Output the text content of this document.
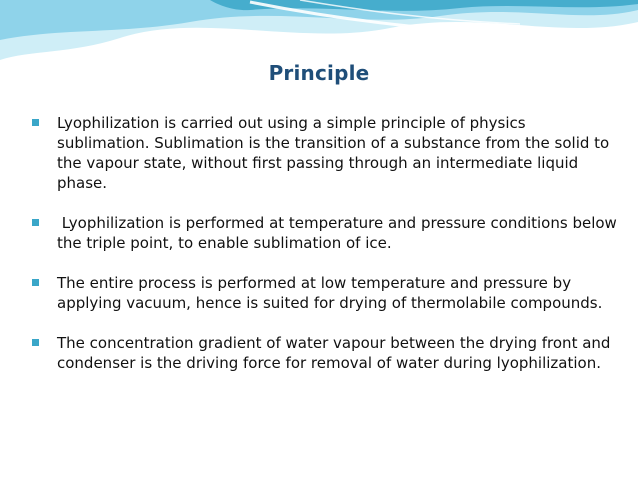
Principle
Lyophilization is carried out using a simple principle of physics sublimation. Sublimation is the transition of a substance from the solid to the vapour state, without first passing through an intermediate liquid phase.
Lyophilization is performed at temperature and pressure conditions below the triple point, to enable sublimation of ice.
The entire process is performed at low temperature and pressure by applying vacuum, hence is suited for drying of thermolabile compounds.
The concentration gradient of water vapour between the drying front and condenser is the driving force for removal of water during lyophilization.
